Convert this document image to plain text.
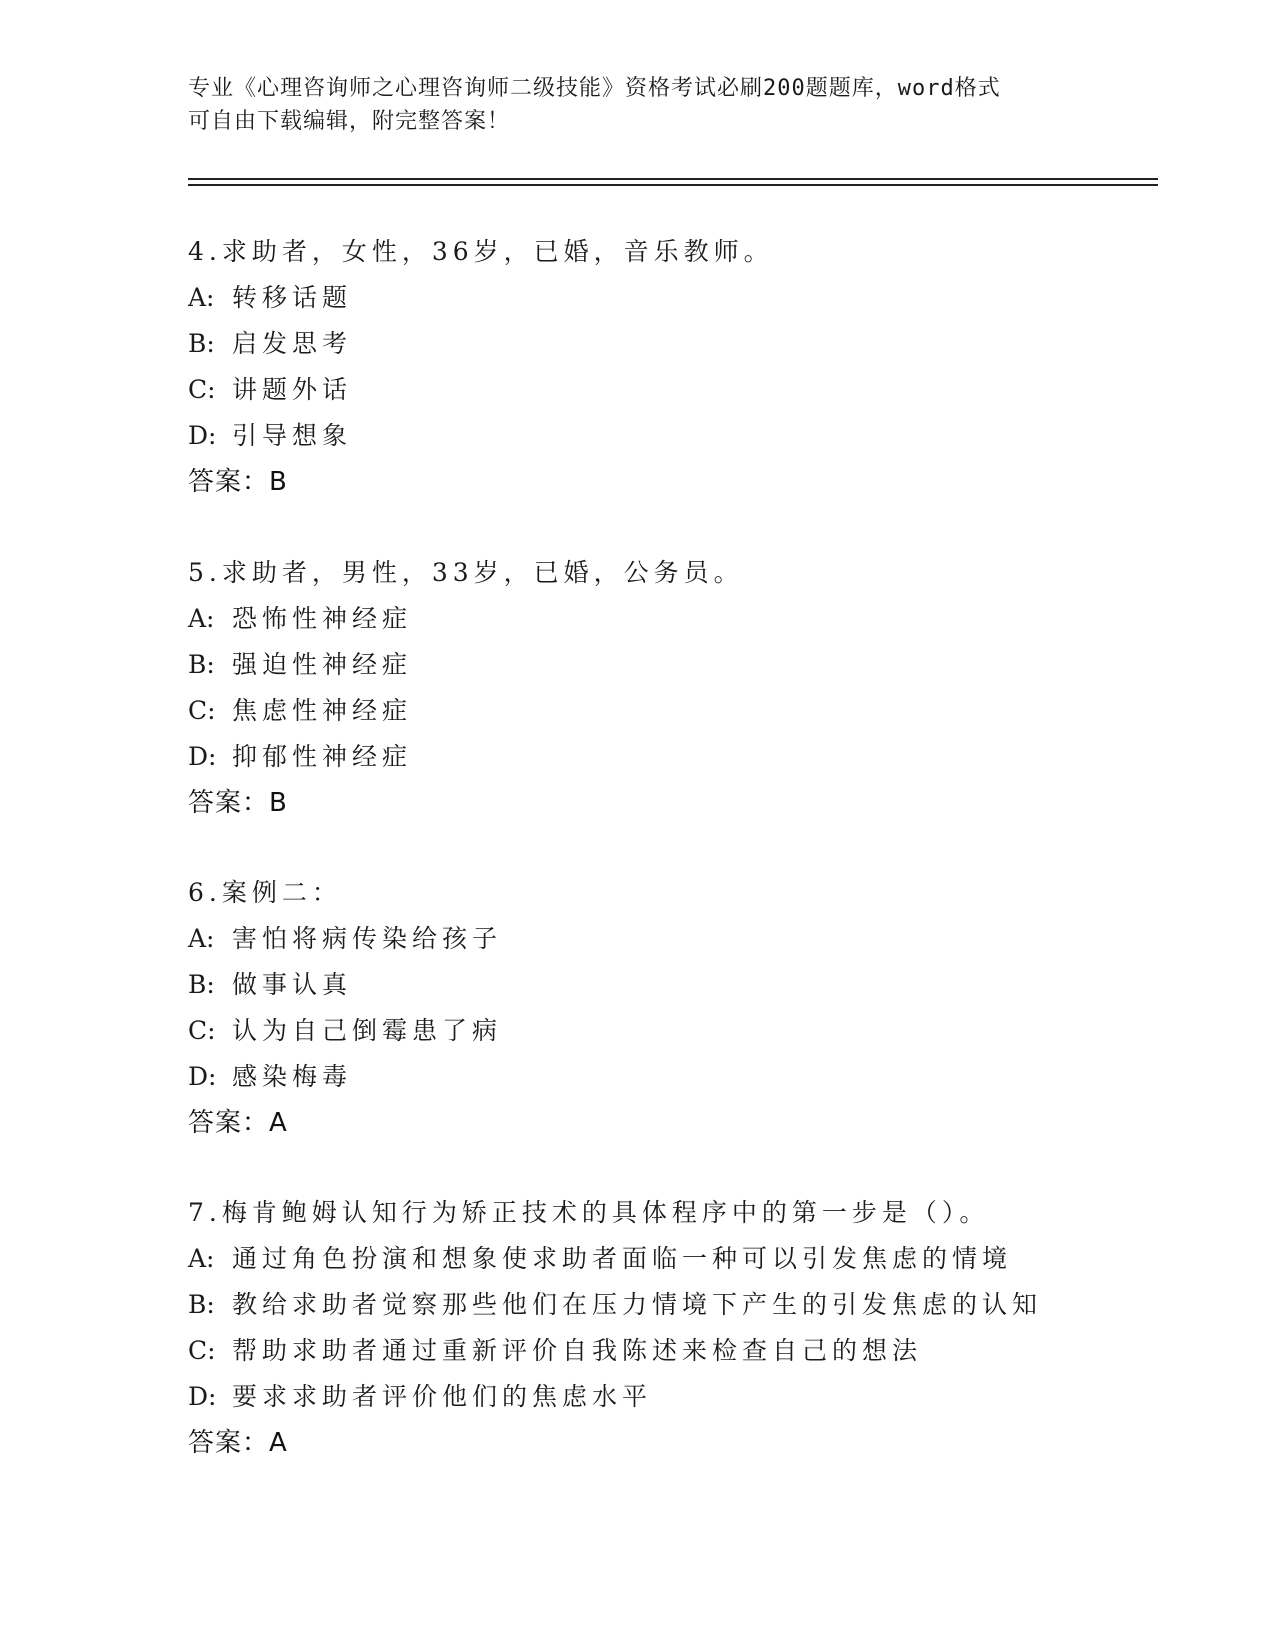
专业《心理咨询师之心理咨询师二级技能》资格考试必刷200题题库，word格式
可自由下载编辑，附完整答案！
4.求助者，女性，36岁，已婚，音乐教师。
A: 转移话题
B: 启发思考
C: 讲题外话
D: 引导想象
答案：B
5.求助者，男性，33岁，已婚，公务员。
A: 恐怖性神经症
B: 强迫性神经症
C: 焦虑性神经症
D: 抑郁性神经症
答案：B
6.案例二：
A: 害怕将病传染给孩子
B: 做事认真
C: 认为自己倒霉患了病
D: 感染梅毒
答案：A
7.梅肯鲍姆认知行为矫正技术的具体程序中的第一步是（）。
A: 通过角色扮演和想象使求助者面临一种可以引发焦虑的情境
B: 教给求助者觉察那些他们在压力情境下产生的引发焦虑的认知
C: 帮助求助者通过重新评价自我陈述来检查自己的想法
D: 要求求助者评价他们的焦虑水平
答案：A
